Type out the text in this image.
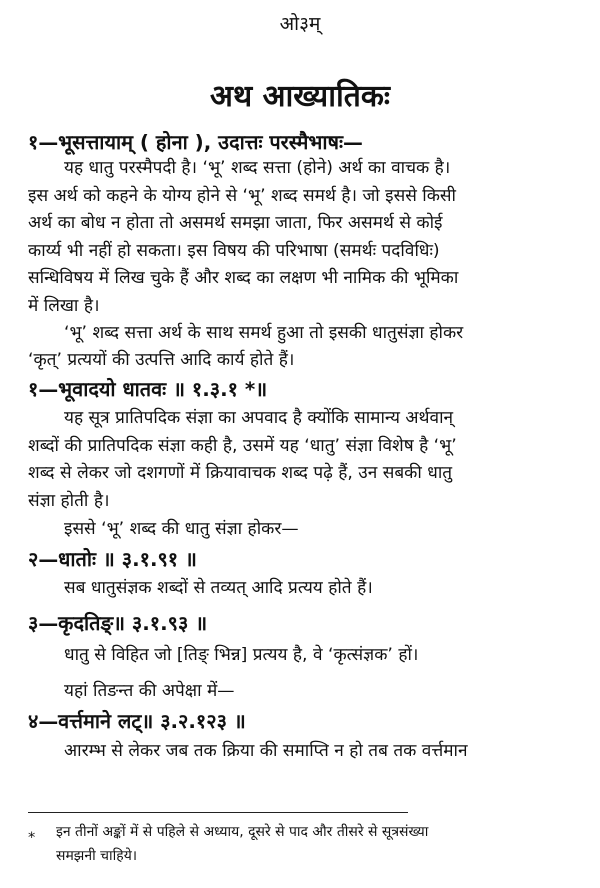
ओ३म्
अथ आख्यातिकः
१—भूसत्तायाम् ( होना ), उदात्तः परस्मैभाषः—
यह धातु परस्मैपदी है। ‘भू’ शब्द सत्ता (होने) अर्थ का वाचक है।
इस अर्थ को कहने के योग्य होने से ‘भू’ शब्द समर्थ है। जो इससे किसी
अर्थ का बोध न होता तो असमर्थ समझा जाता, फिर असमर्थ से कोई
कार्य्य भी नहीं हो सकता। इस विषय की परिभाषा (समर्थः पदविधिः)
सन्धिविषय में लिख चुके हैं और शब्द का लक्षण भी नामिक की भूमिका
में लिखा है।
‘भू’ शब्द सत्ता अर्थ के साथ समर्थ हुआ तो इसकी धातुसंज्ञा होकर
‘कृत्’ प्रत्ययों की उत्पत्ति आदि कार्य होते हैं।
१—भूवादयो धातवः ॥ १.३.१ *॥
यह सूत्र प्रातिपदिक संज्ञा का अपवाद है क्योंकि सामान्य अर्थवान्
शब्दों की प्रातिपदिक संज्ञा कही है, उसमें यह ‘धातु’ संज्ञा विशेष है ‘भू’
शब्द से लेकर जो दशगणों में क्रियावाचक शब्द पढ़े हैं, उन सबकी धातु
संज्ञा होती है।
इससे ‘भू’ शब्द की धातु संज्ञा होकर—
२—धातोः ॥ ३.१.९१ ॥
सब धातुसंज्ञक शब्दों से तव्यत् आदि प्रत्यय होते हैं।
३—कृदतिङ्॥ ३.१.९३ ॥
धातु से विहित जो [तिङ् भिन्न] प्रत्यय है, वे ‘कृत्संज्ञक’ हों।
यहां तिङन्त की अपेक्षा में—
४—वर्त्तमाने लट्॥ ३.२.१२३ ॥
आरम्भ से लेकर जब तक क्रिया की समाप्ति न हो तब तक वर्त्तमान
* इन तीनों अङ्कों में से पहिले से अध्याय, दूसरे से पाद और तीसरे से सूत्रसंख्या
समझनी चाहिये।
